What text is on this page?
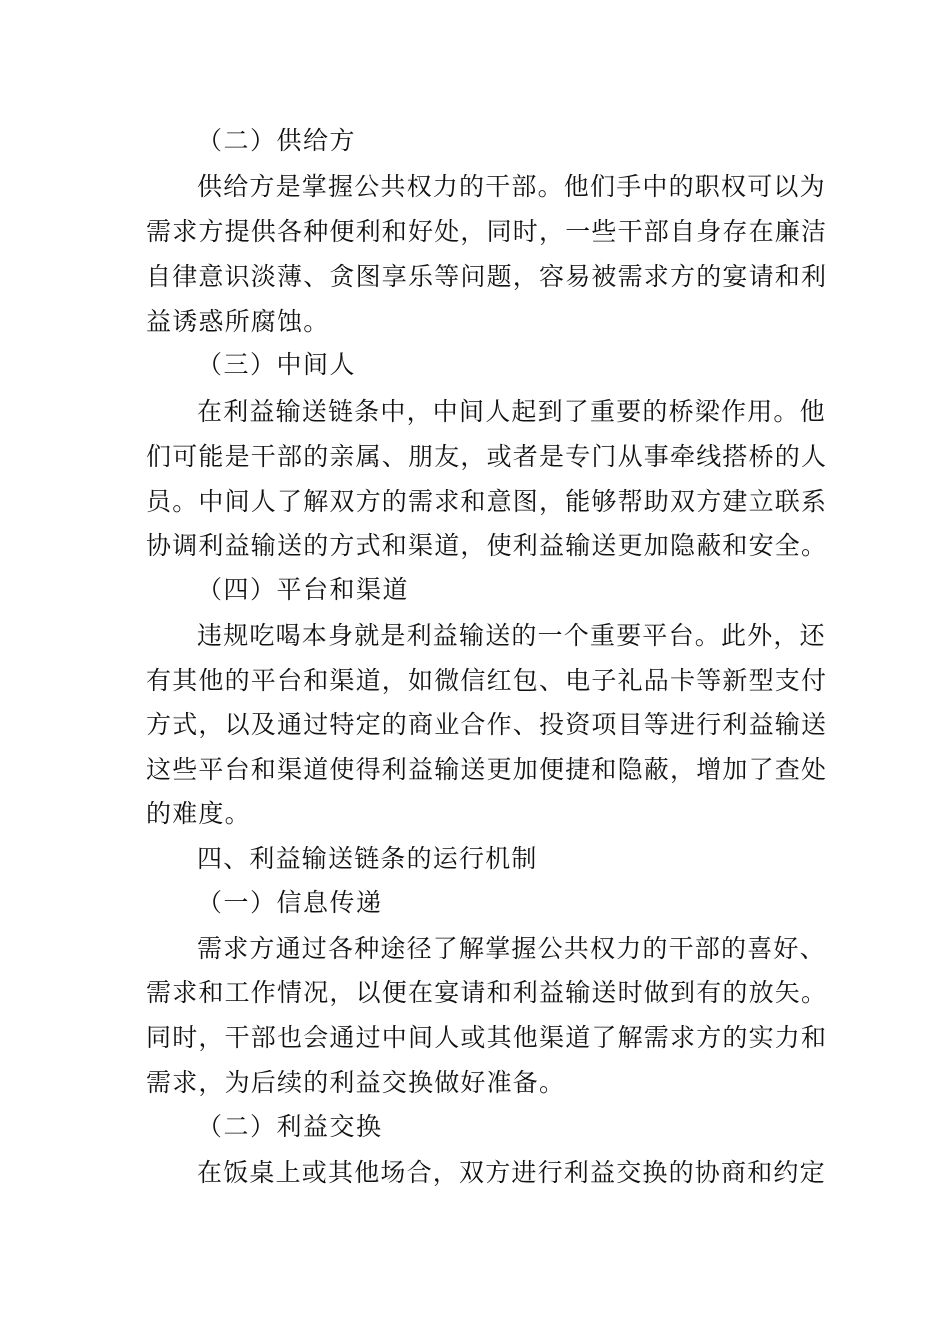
（二）供给方
供给方是掌握公共权力的干部。他们手中的职权可以为
需求方提供各种便利和好处，同时，一些干部自身存在廉洁
自律意识淡薄、贪图享乐等问题，容易被需求方的宴请和利
益诱惑所腐蚀。
（三）中间人
在利益输送链条中，中间人起到了重要的桥梁作用。他
们可能是干部的亲属、朋友，或者是专门从事牵线搭桥的人
员。中间人了解双方的需求和意图，能够帮助双方建立联系
协调利益输送的方式和渠道，使利益输送更加隐蔽和安全。
（四）平台和渠道
违规吃喝本身就是利益输送的一个重要平台。此外，还
有其他的平台和渠道，如微信红包、电子礼品卡等新型支付
方式，以及通过特定的商业合作、投资项目等进行利益输送
这些平台和渠道使得利益输送更加便捷和隐蔽，增加了查处
的难度。
四、利益输送链条的运行机制
（一）信息传递
需求方通过各种途径了解掌握公共权力的干部的喜好、
需求和工作情况，以便在宴请和利益输送时做到有的放矢。
同时，干部也会通过中间人或其他渠道了解需求方的实力和
需求，为后续的利益交换做好准备。
（二）利益交换
在饭桌上或其他场合，双方进行利益交换的协商和约定
